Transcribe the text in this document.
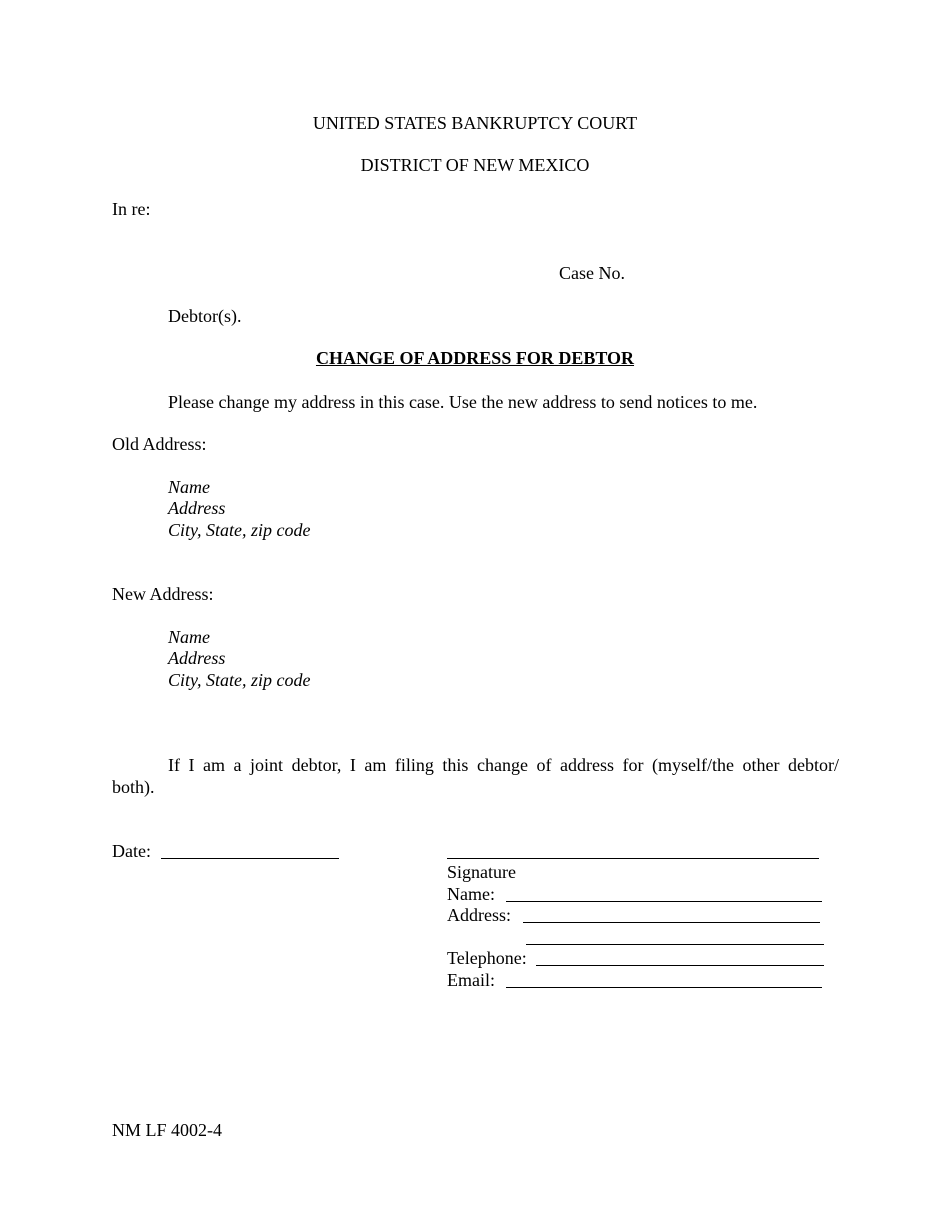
UNITED STATES BANKRUPTCY COURT
DISTRICT OF NEW MEXICO
In re:
Case No.
Debtor(s).
CHANGE OF ADDRESS FOR DEBTOR
Please change my address in this case. Use the new address to send notices to me.
Old Address:
Name
Address
City, State, zip code
New Address:
Name
Address
City, State, zip code
If I am a joint debtor, I am filing this change of address for (myself/the other debtor/
both).
Date:
Signature
Name:
Address:
Telephone:
Email:
NM LF 4002-4
